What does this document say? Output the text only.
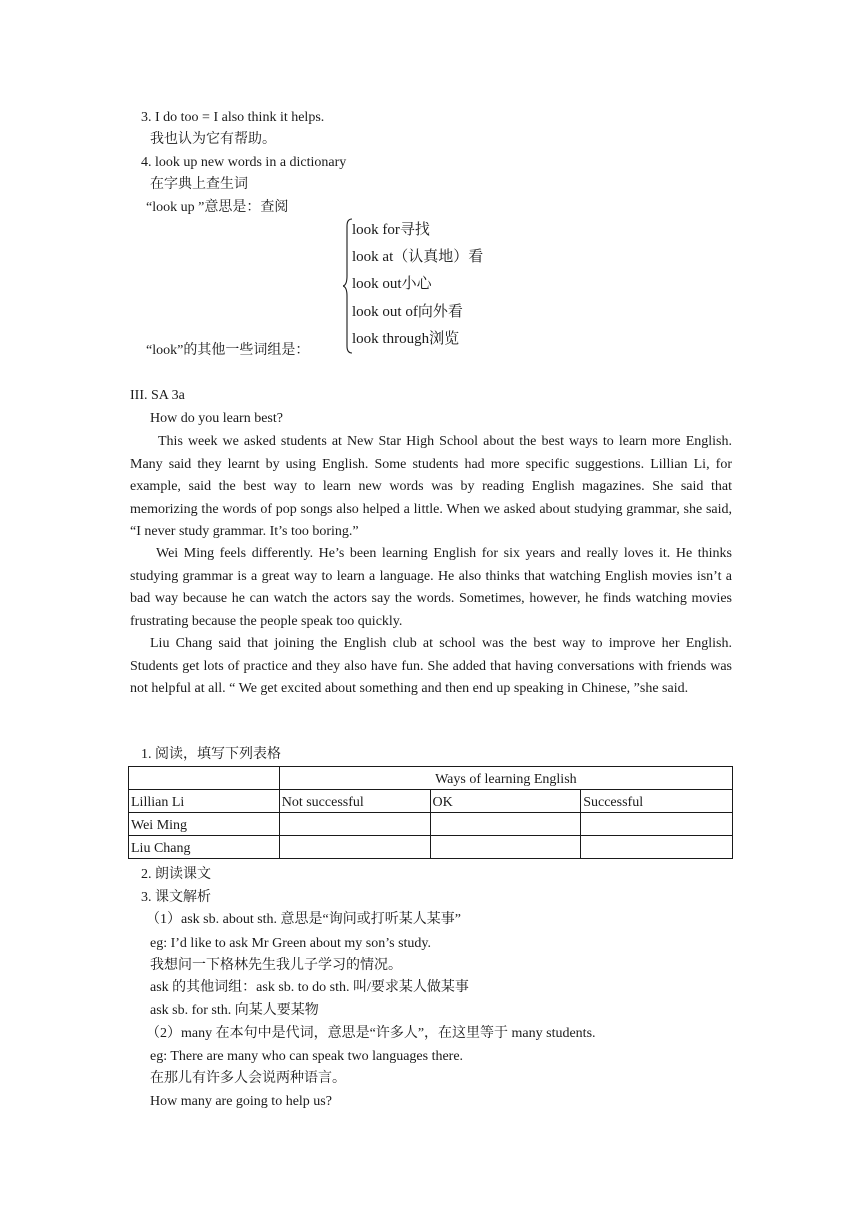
3. I do too = I also think it helps.
我也认为它有帮助。
4. look up new words in a dictionary
在字典上查生词
“look up ”意思是：查阅
look for寻找
look at（认真地）看
look out小心
look out of向外看
look through浏览
“look”的其他一些词组是：
III. SA 3a
How do you learn best?

This week we asked students at New Star High School about the best ways to learn more English. Many said they learnt by using English. Some students had more specific suggestions. Lillian Li, for example, said the best way to learn new words was by reading English magazines. She said that memorizing the words of pop songs also helped a little. When we asked about studying grammar, she said, “I never study grammar. It’s too boring.”

Wei Ming feels differently. He’s been learning English for six years and really loves it. He thinks studying grammar is a great way to learn a language. He also thinks that watching English movies isn’t a bad way because he can watch the actors say the words. Sometimes, however, he finds watching movies frustrating because the people speak too quickly.

Liu Chang said that joining the English club at school was the best way to improve her English. Students get lots of practice and they also have fun. She added that having conversations with friends was not helpful at all. “ We get excited about something and then end up speaking in Chinese, ”she said.

1. 阅读，填写下列表格
	Ways of learning English		
Lillian Li	Not successful	OK	Successful
Wei Ming			
Liu Chang			
2. 朗读课文
3. 课文解析
（1）ask sb. about sth. 意思是“询问或打听某人某事”
eg: I’d like to ask Mr Green about my son’s study.
我想问一下格林先生我儿子学习的情况。
ask 的其他词组：ask sb. to do sth. 叫/要求某人做某事
ask sb. for sth. 向某人要某物
（2）many 在本句中是代词，意思是“许多人”，在这里等于 many students.
eg: There are many who can speak two languages there.
在那儿有许多人会说两种语言。
How many are going to help us?
